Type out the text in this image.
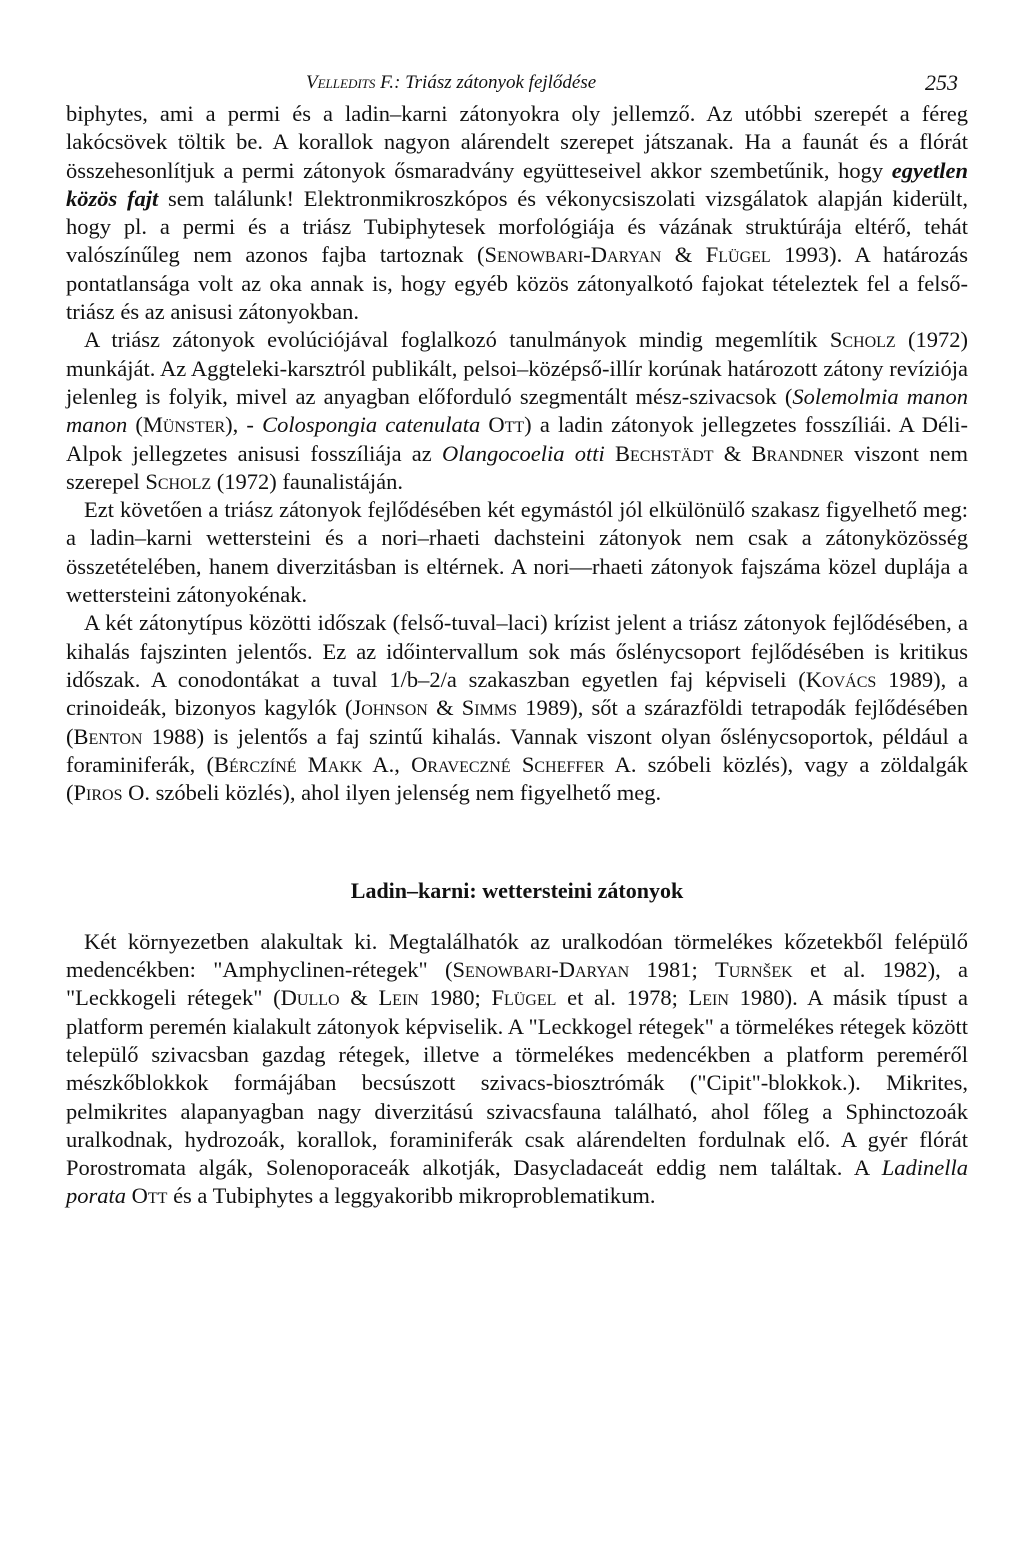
Velledits F.: Triász zátonyok fejlődése	253

biphytes, ami a permi és a ladin–karni zátonyokra oly jellemző. Az utóbbi szerepét a féreg lakócsövek töltik be. A korallok nagyon alárendelt szerepet játszanak. Ha a faunát és a flórát összehesonlítjuk a permi zátonyok ősmaradvány együtteseivel akkor szembetűnik, hogy egyetlen közös fajt sem találunk! Elektronmikroszkópos és vékonycsiszolati vizsgálatok alapján kiderült, hogy pl. a permi és a triász Tubiphytesek morfológiája és vázának struktúrája eltérő, tehát valószínűleg nem azonos fajba tartoznak (Senowbari-Daryan & Flügel 1993). A határozás pontatlansága volt az oka annak is, hogy egyéb közös zátonyalkotó fajokat tételeztek fel a felső-triász és az anisusi zátonyokban.

A triász zátonyok evolúciójával foglalkozó tanulmányok mindig megemlítik Scholz (1972) munkáját. Az Aggteleki-karsztról publikált, pelsoi–középső-illír korúnak határozott zátony revíziója jelenleg is folyik, mivel az anyagban előforduló szegmentált mész-szivacsok (Solemolmia manon manon (Münster), - Colospongia catenulata Ott) a ladin zátonyok jellegzetes fosszíliái. A Déli-Alpok jellegzetes anisusi fosszíliája az Olangocoelia otti Bechstädt & Brandner viszont nem szerepel Scholz (1972) faunalistáján.

Ezt követően a triász zátonyok fejlődésében két egymástól jól elkülönülő szakasz figyelhető meg: a ladin–karni wettersteini és a nori–rhaeti dachsteini zátonyok nem csak a zátonyközösség összetételében, hanem diverzitásban is eltérnek. A nori—rhaeti zátonyok fajszáma közel duplája a wettersteini zátonyokénak.

A két zátonytípus közötti időszak (felső-tuval–laci) krízist jelent a triász zátonyok fejlődésében, a kihalás fajszinten jelentős. Ez az időintervallum sok más őslénycsoport fejlődésében is kritikus időszak. A conodontákat a tuval 1/b–2/a szakaszban egyetlen faj képviseli (Kovács 1989), a crinoideák, bizonyos kagylók (Johnson & Simms 1989), sőt a szárazföldi tetrapodák fejlődésében (Benton 1988) is jelentős a faj szintű kihalás. Vannak viszont olyan őslénycsoportok, például a foraminiferák, (Bérczíné Makk A., Oraveczné Scheffer A. szóbeli közlés), vagy a zöldalgák (Piros O. szóbeli közlés), ahol ilyen jelenség nem figyelhető meg.

Ladin–karni: wettersteini zátonyok

Két környezetben alakultak ki. Megtalálhatók az uralkodóan törmelékes kőzetekből felépülő medencékben: "Amphyclinen-rétegek" (Senowbari-Daryan 1981; Turnšek et al. 1982), a "Leckkogeli rétegek" (Dullo & Lein 1980; Flügel et al. 1978; Lein 1980). A másik típust a platform peremén kialakult zátonyok képviselik. A "Leckkogel rétegek" a törmelékes rétegek között települő szivacsban gazdag rétegek, illetve a törmelékes medencékben a platform pereméről mészkőblokkok formájában becsúszott szivacs-biosztrómák ("Cipit"-blokkok.). Mikrites, pelmikrites alapanyagban nagy diverzitású szivacsfauna található, ahol főleg a Sphinctozoák uralkodnak, hydrozoák, korallok, foraminiferák csak alárendelten fordulnak elő. A gyér flórát Porostromata algák, Solenoporaceák alkotják, Dasycladaceát eddig nem találtak. A Ladinella porata Ott és a Tubiphytes a leggyakoribb mikroproblematikum.
